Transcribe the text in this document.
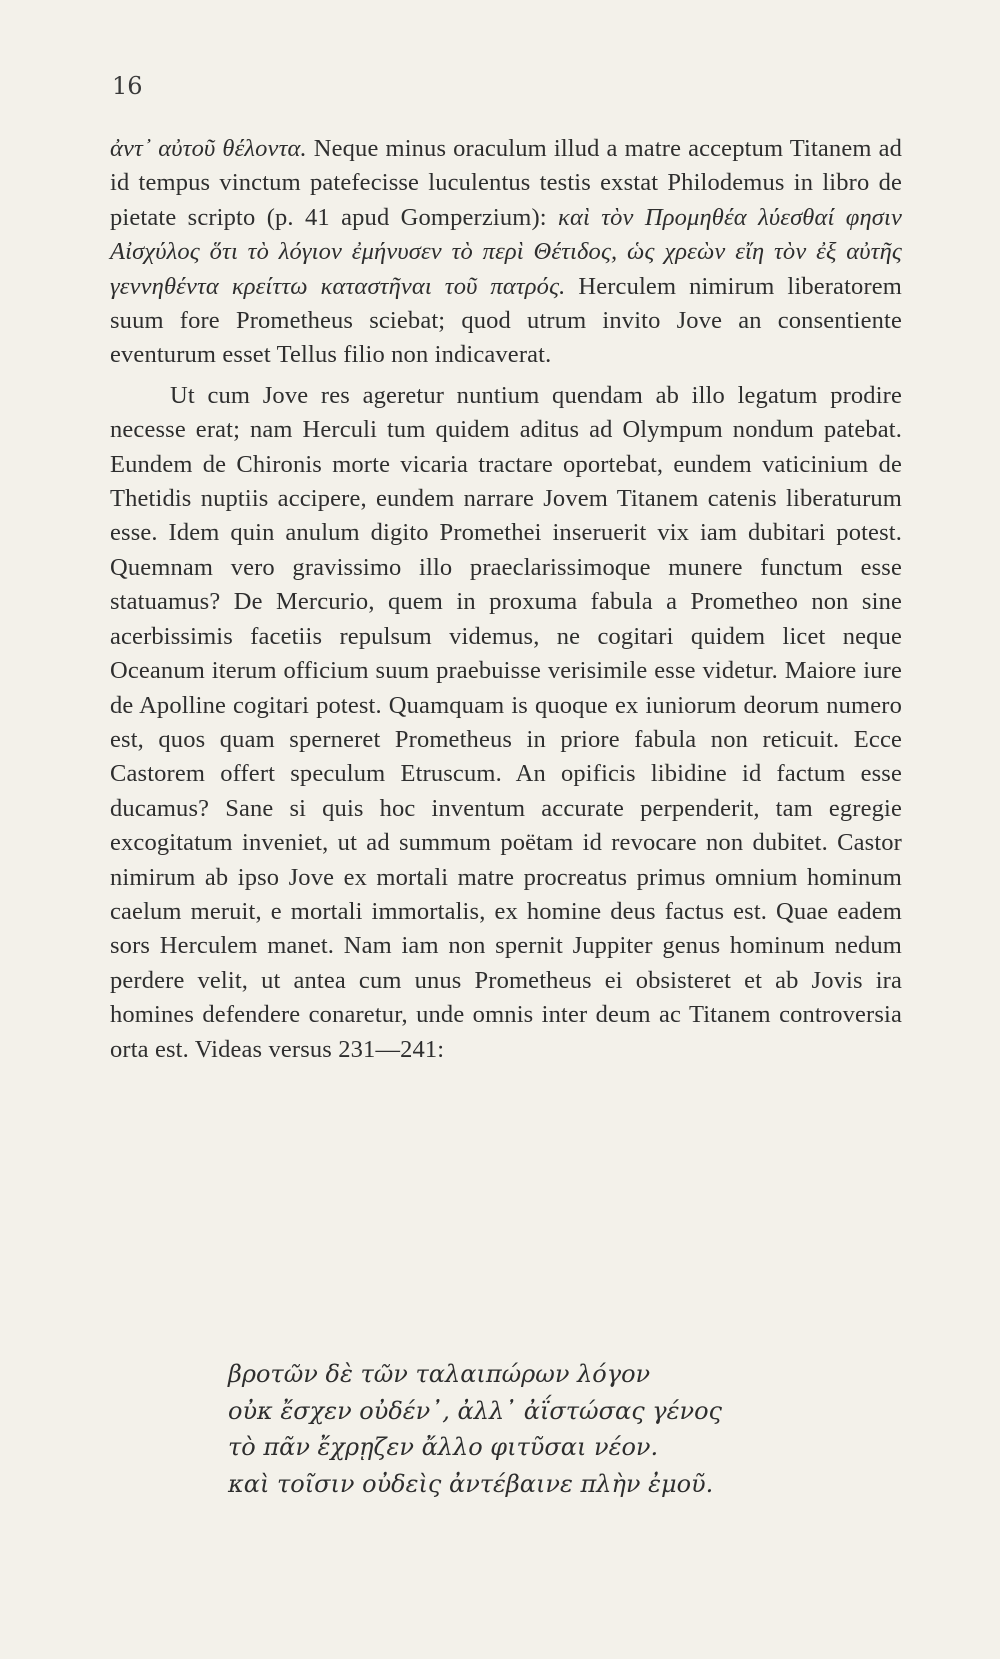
16

ἀντ᾽ αὐτοῦ θέλοντα. Neque minus oraculum illud a matre acceptum Titanem ad id tempus vinctum patefecisse luculentus testis exstat Philodemus in libro de pietate scripto (p. 41 apud Gomperzium): καὶ τὸν Προμηθέα λύεσθαί φησιν Αἰσχύλος ὅτι τὸ λόγιον ἐμήνυσεν τὸ περὶ Θέτιδος, ὡς χρεὼν εἴη τὸν ἐξ αὐτῆς γεννηθέντα κρείττω καταστῆναι τοῦ πατρός. Herculem nimirum liberatorem suum fore Prometheus sciebat; quod utrum invito Jove an consentiente eventurum esset Tellus filio non indicaverat.

Ut cum Jove res ageretur nuntium quendam ab illo legatum prodire necesse erat; nam Herculi tum quidem aditus ad Olympum nondum patebat. Eundem de Chironis morte vicaria tractare oportebat, eundem vaticinium de Thetidis nuptiis accipere, eundem narrare Jovem Titanem catenis liberaturum esse. Idem quin anulum digito Promethei inseruerit vix iam dubitari potest. Quemnam vero gravissimo illo praeclarissimoque munere functum esse statuamus? De Mercurio, quem in proxuma fabula a Prometheo non sine acerbissimis facetiis repulsum videmus, ne cogitari quidem licet neque Oceanum iterum officium suum praebuisse verisimile esse videtur. Maiore iure de Apolline cogitari potest. Quamquam is quoque ex iuniorum deorum numero est, quos quam sperneret Prometheus in priore fabula non reticuit. Ecce Castorem offert speculum Etruscum. An opificis libidine id factum esse ducamus? Sane si quis hoc inventum accurate perpenderit, tam egregie excogitatum inveniet, ut ad summum poëtam id revocare non dubitet. Castor nimirum ab ipso Jove ex mortali matre procreatus primus omnium hominum caelum meruit, e mortali immortalis, ex homine deus factus est. Quae eadem sors Herculem manet. Nam iam non spernit Juppiter genus hominum nedum perdere velit, ut antea cum unus Prometheus ei obsisteret et ab Jovis ira homines defendere conaretur, unde omnis inter deum ac Titanem controversia orta est. Videas versus 231—241:

βροτῶν δὲ τῶν ταλαιπώρων λόγον
οὐκ ἔσχεν οὐδέν᾽, ἀλλ᾽ ἀΐστώσας γένος
τὸ πᾶν ἔχρῃζεν ἄλλο φιτῦσαι νέον.
καὶ τοῖσιν οὐδεὶς ἀντέβαινε πλὴν ἐμοῦ.
